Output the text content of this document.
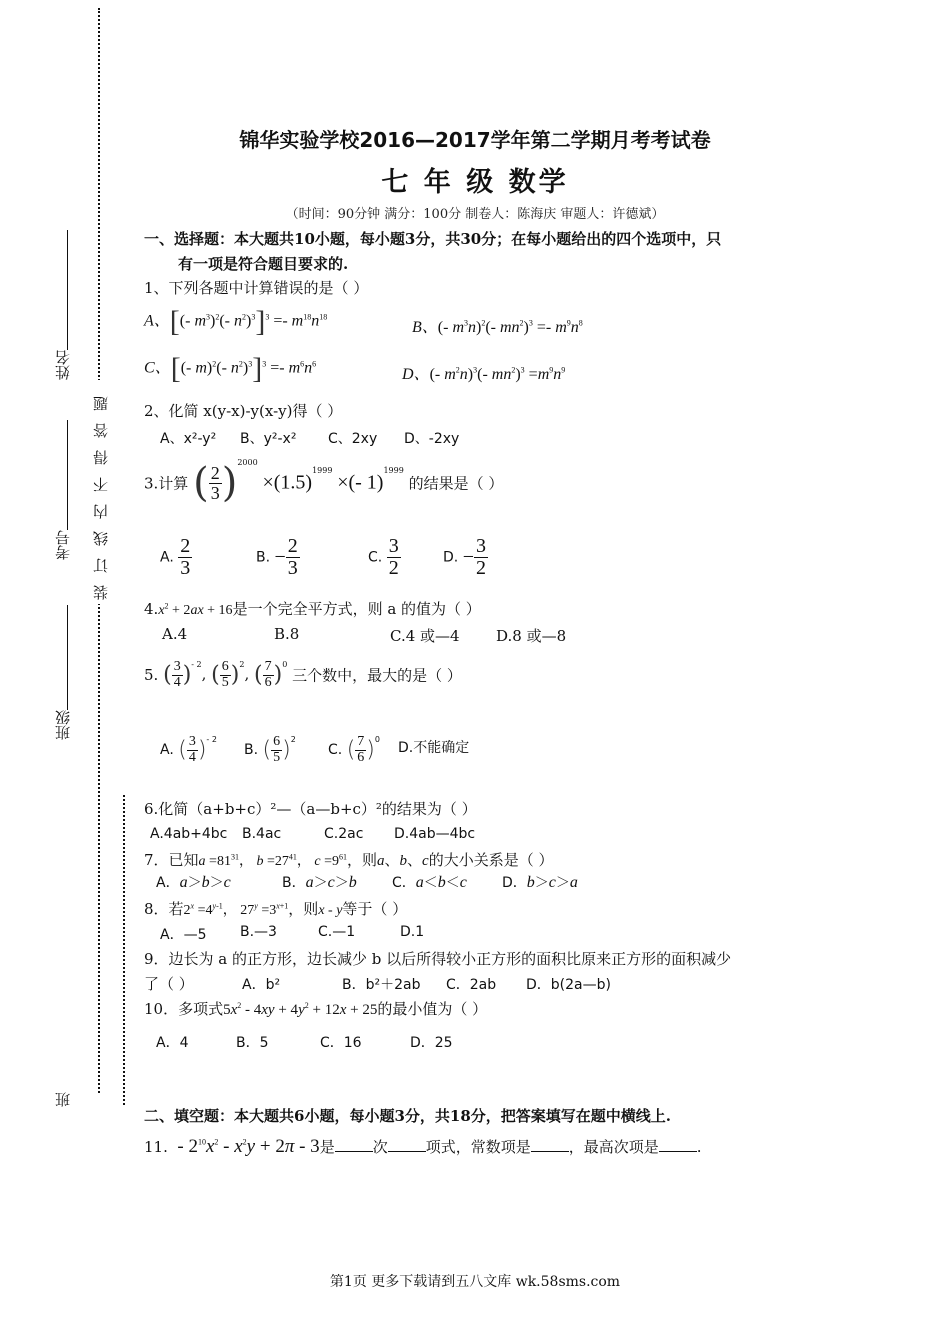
姓名
装订线内不得答题
考号
班级
班
锦华实验学校2016—2017学年第二学期月考考试卷
七 年 级 数学
（时间：90分钟 满分：100分 制卷人：陈海庆 审题人：许德斌）
一、选择题：本大题共10小题，每小题3分，共30分；在每小题给出的四个选项中，只
有一项是符合题目要求的.
1、下列各题中计算错误的是（ ）
A、[(- $m^3)^2(-$ $n^2)^3]^3 =- m^{18}n^{18}$
B、(- $m^3n)^2(-$ $mn^2)^3 =- m^9n^8$
C、[(- m)$^2$(- $n^2)^3]^3 =- m^6n^6$
D、(- $m^2n)^3(-$ $mn^2)^3 =m^9n^9$
2、化简 x(y-x)-y(x-y)得（ ）
A、x²-y² B、y²-x² C、2xy D、-2xy
3.计算 ( $\frac{2}{3} )^{2000} \times(1.5)^{1999}$ ×(- 1)$^{1999}$ 的结果是（ ）
A. $\frac{2}{3}$	B. − $\frac{2}{3}$	C. $\frac{3}{2}$	D. − $\frac{3}{2}$
$4.x^2 + 2ax + 16$是一个完全平方式，则 a 的值为（ ）
A.4	B.8	C.4 或—4 D.8 或—8
5. ( $\frac{3}{4} )^{- 2}$, ( $\frac{6}{5} )^2$, ( $\frac{7}{6} )^0$ 三个数中，最大的是（ ）
A. ( $\frac{3}{4} )^{- 2}$
B. ( $\frac{6}{5} )^2$
C. ( $\frac{7}{6} )^0$
D.不能确定
6.化简（a+b+c）²—（a—b+c）²的结果为（ ）
A.4ab+4bc B.4ac	C.2ac D.4ab—4bc
7．已知$a =81^{31}$， $b =27^{41}$， $c =9^{61}$，则a、b、c的大小关系是（ ）
A．a＞b＞c	B．a＞c＞b	C．a＜b＜c	D．b＞c＞a
8．若$2^x =4^{y-1}$， $27^y =3^{x+1}$，则x - y等于（ ）
A．—5 B.—3	C.—1	D.1
9．边长为 a 的正方形，边长减少 b 以后所得较小正方形的面积比原来正方形的面积减少
了（ ）	A．b²	B．b²＋2ab C．2ab D．b(2a—b)
10．多项式$5x^2 - 4xy + 4y^2 + 12x + 25$的最小值为（ ）
A．4	B．5	C．16	D．25
二、填空题：本大题共6小题，每小题3分，共18分，把答案填写在题中横线上.
11.  - $2^{10}x^2 - x^2y + 2\pi - 3$是	次	项式，常数项是	，最高次项是	.
第1页 更多下载请到五八文库 wk.58sms.com
